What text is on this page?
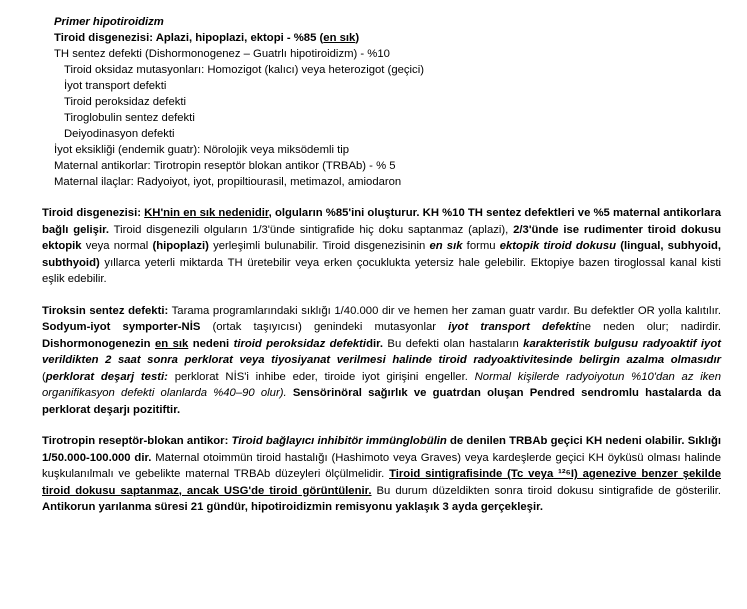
Primer hipotiroidizm
Tiroid disgenezisi: Aplazi, hipoplazi, ektopi - %85 (en sık)
TH sentez defekti (Dishormonogenez – Guatrlı hipotiroidizm) - %10
Tiroid oksidaz mutasyonları: Homozigot (kalıcı) veya heterozigot (geçici)
İyot transport defekti
Tiroid peroksidaz defekti
Tiroglobulin sentez defekti
Deiyodinasyon defekti
İyot eksikliği (endemik guatr): Nörolojik veya miksödemli tip
Maternal antikorlar: Tirotropin reseptör blokan antikor (TRBAb) - % 5
Maternal ilaçlar: Radyoiyot, iyot, propiltiourasil, metimazol, amiodaron
Tiroid disgenezisi: KH'nin en sık nedenidir, olguların %85'ini oluşturur. KH %10 TH sentez defektleri ve %5 maternal antikorlara bağlı gelişir. Tiroid disgenezili olguların 1/3'ünde sintigrafide hiç doku saptanmaz (aplazi), 2/3'ünde ise rudimenter tiroid dokusu ektopik veya normal (hipoplazi) yerleşimli bulunabilir. Tiroid disgenezisinin en sık formu ektopik tiroid dokusu (lingual, subhyoid, subthyoid) yıllarca yeterli miktarda TH üretebilir veya erken çocuklukta yetersiz hale gelebilir. Ektopiye bazen tiroglossal kanal kisti eşlik edebilir.
Tiroksin sentez defekti: Tarama programlarındaki sıklığı 1/40.000 dir ve hemen her zaman guatr vardır. Bu defektler OR yolla kalıtılır. Sodyum-iyot symporter-NİS (ortak taşıyıcısı) genindeki mutasyonlar iyot transport defektine neden olur; nadirdir. Dishormonogenezin en sık nedeni tiroid peroksidaz defektidir. Bu defekti olan hastaların karakteristik bulgusu radyoaktif iyot verildikten 2 saat sonra perklorat veya tiyosiyanat verilmesi halinde tiroid radyoaktivitesinde belirgin azalma olmasıdır (perklorat deşarj testi: perklorat NİS'i inhibe eder, tiroide iyot girişini engeller. Normal kişilerde radyoiyotun %10'dan az iken organifikasyon defekti olanlarda %40–90 olur). Sensörinöral sağırlık ve guatrdan oluşan Pendred sendromlu hastalarda da perklorat deşarjı pozitiftir.
Tirotropin reseptör-blokan antikor: Tiroid bağlayıcı inhibitör immünglobülin de denilen TRBAb geçici KH nedeni olabilir. Sıklığı 1/50.000-100.000 dir. Maternal otoimmün tiroid hastalığı (Hashimoto veya Graves) veya kardeşlerde geçici KH öyküsü olması halinde kuşkulanılmalı ve gebelikte maternal TRBAb düzeyleri ölçülmelidir. Tiroid sintigrafisinde (Tc veya ¹²⁶I) agenezive benzer şekilde tiroid dokusu saptanmaz, ancak USG'de tiroid görüntülenir. Bu durum düzeldikten sonra tiroid dokusu sintigrafide de gösterilir. Antikorun yarılanma süresi 21 gündür, hipotiroidizmin remisyonu yaklaşık 3 ayda gerçekleşir.
